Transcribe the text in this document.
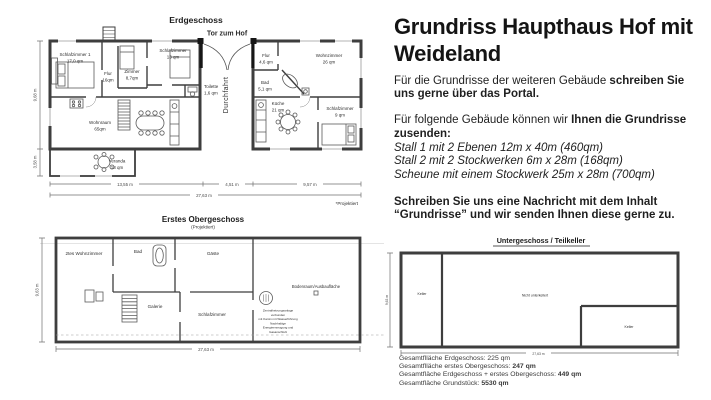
Erdgeschoss
Tor zum Hof
Schlafzimmer 1
17,0 qm
Zimmer
8,7qm
Schlafzimmer
13 qm
Flur
16qm
Toilette
1,6 qm
Wohnraum
65qm
Veranda
18 qm
Flur
4,6 qm
Wohnzimmer
26 qm
Bad
5,1 qm
Küche
21 qm	Schlafzimmer
9 qm
Durchfahrt
13,55 m	4,51 m	9,57 m
27,63 m
9,68 m
3,58 m
*Projektiert
Erstes Obergeschoss
(Projektiert)
2tes Wohnzimmer	Bad	Gäste
Galerie
Schlafzimmer
Bodenraum/Ausbaufläche
Zentralheizungsanlage
verbunden
mit Kamin mit Wasserführung
Nachhaltige
Energieerzeugung und
Gasanschluß
27,63 m
9,63 m
Untergeschoss / Teilkeller
Keller	Nicht unterkellert
Keller
27,63 m
9,63 m
Grundriss Haupthaus Hof mit Weideland

Für die Grundrisse der weiteren Gebäude schreiben Sie uns gerne über das Portal.

Für folgende Gebäude können wir Ihnen die Grundrisse zusenden:

Stall 1 mit 2 Ebenen 12m x 40m (460qm)
Stall 2 mit 2 Stockwerken 6m x 28m (168qm)
Scheune mit einem Stockwerk 25m x 28m (700qm)

Schreiben Sie uns eine Nachricht mit dem Inhalt “Grundrisse” und wir senden Ihnen diese gerne zu.

Gesamtflläche Erdgeschoss: 225 qm
Gesamtflläche erstes Obergeschoss: 247 qm
Gesamtfläche Erdgeschoss + erstes Obergeschoss: 449 qm
Gesamtfläche Grundstück: 5530 qm
